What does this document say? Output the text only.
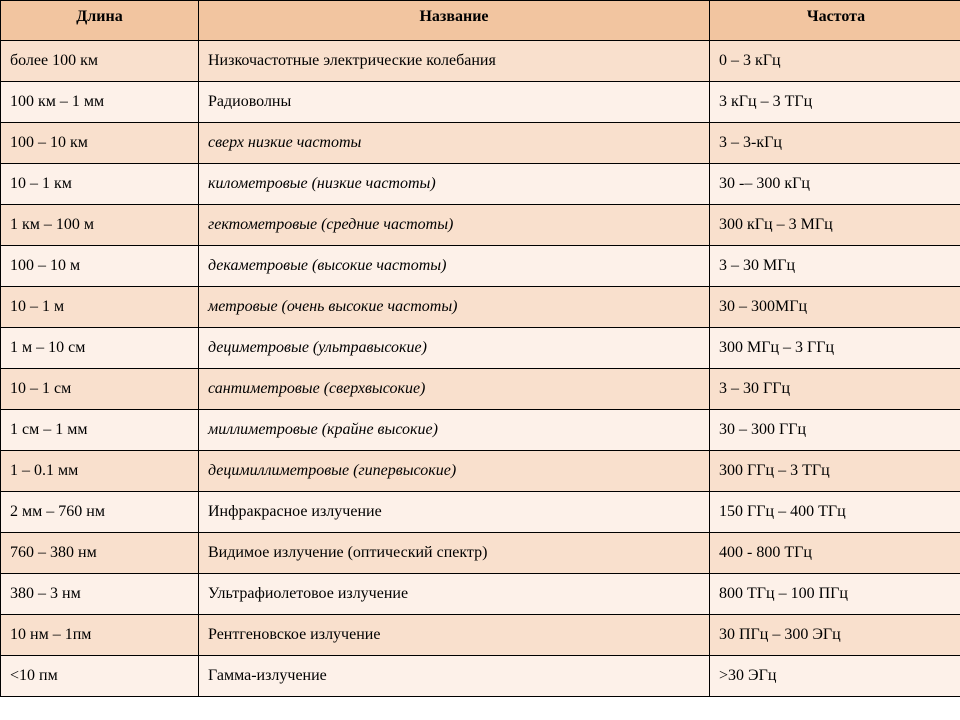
Длина	Название	Частота
более 100 км	Низкочастотные электрические колебания	0 – 3 кГц
100 км – 1 мм	Радиоволны	3 кГц – 3 ТГц
100 – 10 км	сверх низкие частоты	3 – 3-кГц
10 – 1 км	километровые (низкие частоты)	30 -– 300 кГц
1 км – 100 м	гектометровые (средние частоты)	300 кГц – 3 МГц
100 – 10 м	декаметровые (высокие частоты)	3 – 30 МГц
10 – 1 м	метровые (очень высокие частоты)	30 – 300МГц
1 м – 10 см	дециметровые (ультравысокие)	300 МГц – 3 ГГц
10 – 1 см	сантиметровые (сверхвысокие)	3 – 30 ГГц
1 см – 1 мм	миллиметровые (крайне высокие)	30 – 300 ГГц
1 – 0.1 мм	децимиллиметровые (гипервысокие)	300 ГГц – 3 ТГц
2 мм – 760 нм	Инфракрасное излучение	150 ГГц – 400 ТГц
760 – 380 нм	Видимое излучение (оптический спектр)	400 - 800 ТГц
380 – 3 нм	Ультрафиолетовое излучение	800 ТГц – 100 ПГц
10 нм – 1пм	Рентгеновское излучение	30 ПГц – 300 ЭГц
<10 пм	Гамма-излучение	>30 ЭГц
